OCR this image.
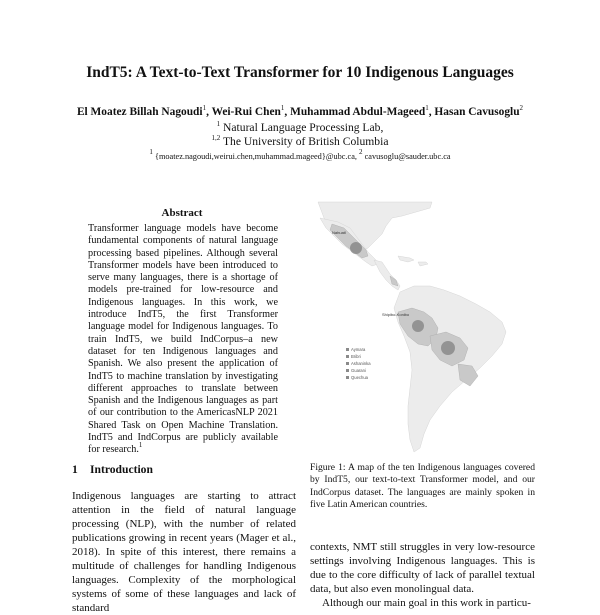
IndT5: A Text-to-Text Transformer for 10 Indigenous Languages
El Moatez Billah Nagoudi$^1$, Wei-Rui Chen$^1$, Muhammad Abdul-Mageed$^1$, Hasan Cavusoglu$^2$
$^1$ Natural Language Processing Lab,
$^{1,2}$ The University of British Columbia
$^1$ {moatez.nagoudi,weirui.chen,muhammad.mageed}@ubc.ca, $^2$ cavusoglu@sauder.ubc.ca
Abstract

Transformer language models have become fundamental components of natural language processing based pipelines. Although several Transformer models have been introduced to serve many languages, there is a shortage of models pre-trained for low-resource and Indigenous languages. In this work, we introduce IndT5, the first Transformer language model for Indigenous languages. To train IndT5, we build IndCorpus–a new dataset for ten Indigenous languages and Spanish. We also present the application of IndT5 to machine translation by investigating different approaches to translate between Spanish and the Indigenous languages as part of our contribution to the AmericasNLP 2021 Shared Task on Open Machine Translation. IndT5 and IndCorpus are publicly available for research.$^1$

1 Introduction

Indigenous languages are starting to attract attention in the field of natural language processing (NLP), with the number of related publications growing in recent years (Mager et al., 2018). In spite of this interest, there remains a multitude of challenges for handling Indigenous languages. Complexity of the morphological systems of some of these languages and lack of standard

Nahuatl
Shipibo-Konibo
Aymara
Bribri
Ashaninka
Guarani
Quechua

Figure 1: A map of the ten Indigenous languages covered by IndT5, our text-to-text Transformer model, and our IndCorpus dataset. The languages are mainly spoken in five Latin American countries.

contexts, NMT still struggles in very low-resource settings involving Indigenous languages. This is due to the core difficulty of lack of parallel textual data, but also even monolingual data.

Although our main goal in this work in particu-
